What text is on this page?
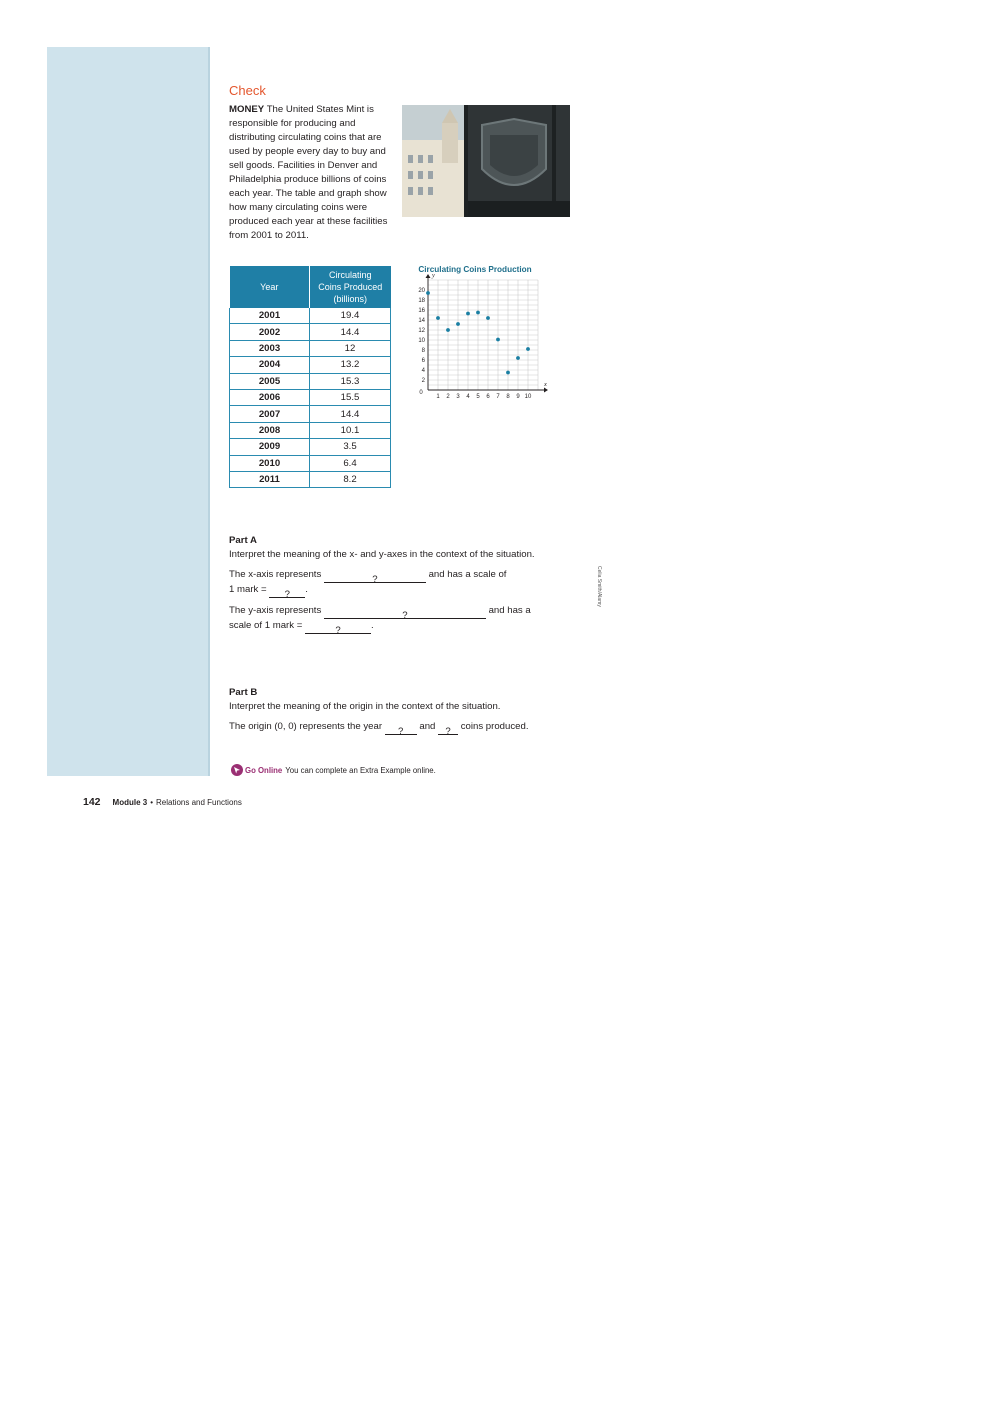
Check
MONEY The United States Mint is responsible for producing and distributing circulating coins that are used by people every day to buy and sell goods. Facilities in Denver and Philadelphia produce billions of coins each year. The table and graph show how many circulating coins were produced each year at these facilities from 2001 to 2011.
Year	Circulating
Coins Produced
(billions)

2001	19.4
2002	14.4
2003	12
2004	13.2
2005	15.3
2006	15.5
2007	14.4
2008	10.1
2009	3.5
2010	6.4
2011	8.2
Circulating Coins Production
x
y
0
1 2 3 4 5 6 7 8 9 10
2
4
6
8
10
12
14
16
18
20
Part A
Interpret the meaning of the x- and y-axes in the context of the situation.
The x-axis represents	?	and has a scale of
1 mark = ? .
The y-axis represents	?	and has a
scale of 1 mark =	?	.
Part B
Interpret the meaning of the origin in the context of the situation.
The origin (0, 0) represents the year ? and ? coins produced.
Go Online You can complete an Extra Example online.
Celia Smith/Alamy
142 Module 3 • Relations and Functions
